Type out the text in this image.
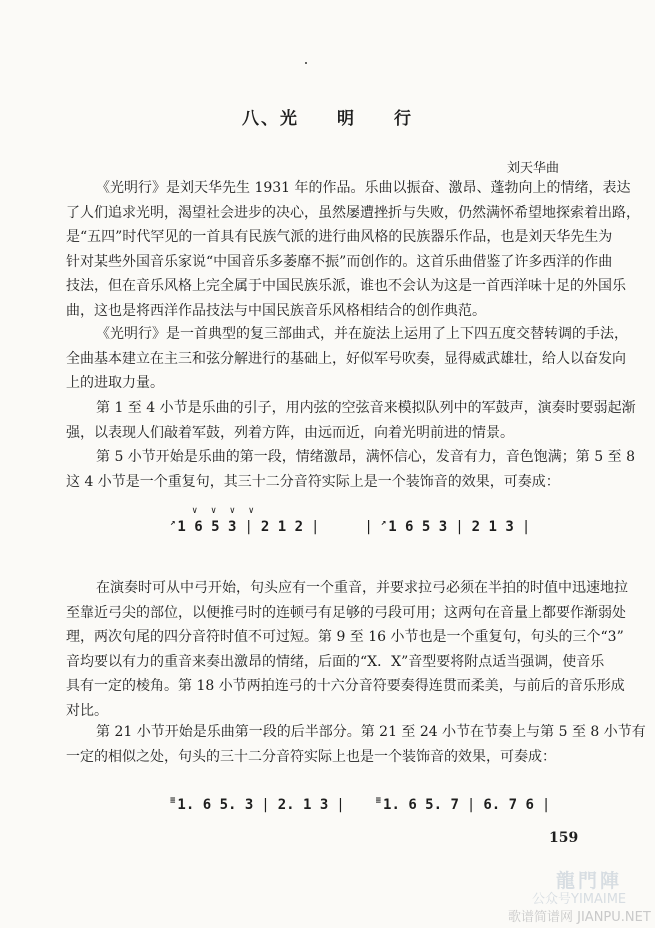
八、光　　明　　行
刘天华曲

《光明行》是刘天华先生 1931 年的作品。乐曲以振奋、激昂、蓬勃向上的情绪，表达
了人们追求光明，渴望社会进步的决心，虽然屡遭挫折与失败，仍然满怀希望地探索着出路，
是“五四”时代罕见的一首具有民族气派的进行曲风格的民族器乐作品，也是刘天华先生为
针对某些外国音乐家说“中国音乐多萎靡不振”而创作的。这首乐曲借鉴了许多西洋的作曲
技法，但在音乐风格上完全属于中国民族乐派，谁也不会认为这是一首西洋味十足的外国乐
曲，这也是将西洋作品技法与中国民族音乐风格相结合的创作典范。

《光明行》是一首典型的复三部曲式，并在旋法上运用了上下四五度交替转调的手法，
全曲基本建立在主三和弦分解进行的基础上，好似军号吹奏，显得威武雄壮，给人以奋发向
上的进取力量。

第 1 至 4 小节是乐曲的引子，用内弦的空弦音来模拟队列中的军鼓声，演奏时要弱起渐
强，以表现人们敲着军鼓，列着方阵，由远而近，向着光明前进的情景。

第 5 小节开始是乐曲的第一段，情绪激昂，满怀信心，发音有力，音色饱满；第 5 至 8
这 4 小节是一个重复句，其三十二分音符实际上是一个装饰音的效果，可奏成：

∨ ∨ ∨ ∨
↗ 1 6 5 3 | 2 1 2 |	| ↗ 1 6 5 3 | 2 1 3 |

在演奏时可从中弓开始，句头应有一个重音，并要求拉弓必须在半拍的时值中迅速地拉
至靠近弓尖的部位，以便推弓时的连顿弓有足够的弓段可用；这两句在音量上都要作渐弱处
理，两次句尾的四分音符时值不可过短。第 9 至 16 小节也是一个重复句，句头的三个“3”
音均要以有力的重音来奏出激昂的情绪，后面的“X．X”音型要将附点适当强调，使音乐
具有一定的棱角。第 18 小节两拍连弓的十六分音符要奏得连贯而柔美，与前后的音乐形成
对比。

第 21 小节开始是乐曲第一段的后半部分。第 21 至 24 小节在节奏上与第 5 至 8 小节有
一定的相似之处，句头的三十二分音符实际上也是一个装饰音的效果，可奏成：

≡ 1. 6 5. 3 | 2. 1 3 |	≡ 1. 6 5. 7 | 6. 7 6 |
159
龍門陣
公众号YIMAIME
歌谱简谱网 JIANPU.NET
